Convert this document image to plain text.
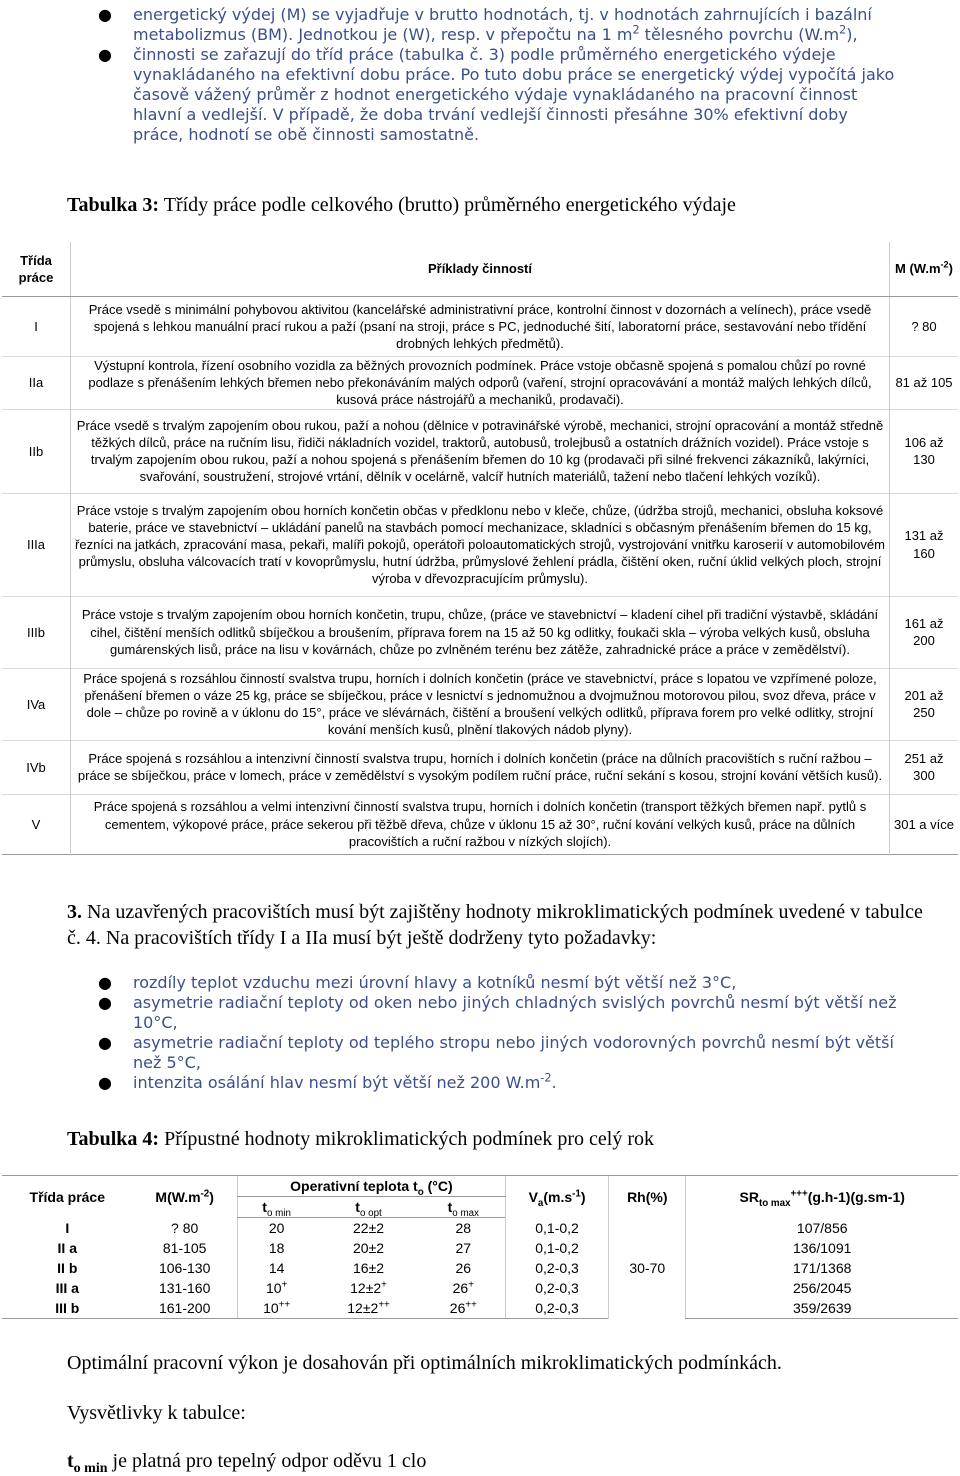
● energetický výdej (M) se vyjadřuje v brutto hodnotách, tj. v hodnotách zahrnujících i bazální metabolizmus (BM). Jednotkou je (W), resp. v přepočtu na 1 $m^2$ tělesného povrchu $(W.m^2)$,
● činnosti se zařazují do tříd práce (tabulka č. 3) podle průměrného energetického výdeje vynakládaného na efektivní dobu práce. Po tuto dobu práce se energetický výdej vypočítá jako časově vážený průměr z hodnot energetického výdaje vynakládaného na pracovní činnost hlavní a vedlejší. V případě, že doba trvání vedlejší činnosti přesáhne 30% efektivní doby práce, hodnotí se obě činnosti samostatně.
Tabulka 3: Třídy práce podle celkového (brutto) průměrného energetického výdaje
Třída práce	Příklady činností	M $(W.m^{-2})$
I	Práce vsedě s minimální pohybovou aktivitou (kancelářské administrativní práce, kontrolní činnost v dozornách a velínech), práce vsedě spojená s lehkou manuální prací rukou a paží (psaní na stroji, práce s PC, jednoduché šití, laboratorní práce, sestavování nebo třídění drobných lehkých předmětů).	? 80
IIa	Výstupní kontrola, řízení osobního vozidla za běžných provozních podmínek. Práce vstoje občasně spojená s pomalou chůzí po rovné podlaze s přenášením lehkých břemen nebo překonáváním malých odporů (vaření, strojní opracovávání a montáž malých lehkých dílců, kusová práce nástrojářů a mechaniků, prodavači).	81 až 105
IIb	Práce vsedě s trvalým zapojením obou rukou, paží a nohou (dělnice v potravinářské výrobě, mechanici, strojní opracování a montáž středně těžkých dílců, práce na ručním lisu, řidiči nákladních vozidel, traktorů, autobusů, trolejbusů a ostatních drážních vozidel). Práce vstoje s trvalým zapojením obou rukou, paží a nohou spojená s přenášením břemen do 10 kg (prodavači při silné frekvenci zákazníků, lakýrníci, svařování, soustružení, strojové vrtání, dělník v ocelárně, valcíř hutních materiálů, tažení nebo tlačení lehkých vozíků).	106 až 130
IIIa	Práce vstoje s trvalým zapojením obou horních končetin občas v předklonu nebo v kleče, chůze, (údržba strojů, mechanici, obsluha koksové baterie, práce ve stavebnictví – ukládání panelů na stavbách pomocí mechanizace, skladníci s občasným přenášením břemen do 15 kg, řezníci na jatkách, zpracování masa, pekaři, malíři pokojů, operátoři poloautomatických strojů, vystrojování vnitřku karoserií v automobilovém průmyslu, obsluha válcovacích tratí v kovoprůmyslu, hutní údržba, průmyslové žehlení prádla, čištění oken, ruční úklid velkých ploch, strojní výroba v dřevozpracujícím průmyslu).	131 až 160
IIIb	Práce vstoje s trvalým zapojením obou horních končetin, trupu, chůze, (práce ve stavebnictví – kladení cihel při tradiční výstavbě, skládání cihel, čištění menších odlitků sbíječkou a broušením, příprava forem na 15 až 50 kg odlitky, foukači skla – výroba velkých kusů, obsluha gumárenských lisů, práce na lisu v kovárnách, chůze po zvlněném terénu bez zátěže, zahradnické práce a práce v zemědělství).	161 až 200
IVa	Práce spojená s rozsáhlou činností svalstva trupu, horních i dolních končetin (práce ve stavebnictví, práce s lopatou ve vzpřímené poloze, přenášení břemen o váze 25 kg, práce se sbíječkou, práce v lesnictví s jednomužnou a dvojmužnou motorovou pilou, svoz dřeva, práce v dole – chůze po rovině a v úklonu do 15°, práce ve slévárnách, čištění a broušení velkých odlitků, příprava forem pro velké odlitky, strojní kování menších kusů, plnění tlakových nádob plyny).	201 až 250
IVb	Práce spojená s rozsáhlou a intenzivní činností svalstva trupu, horních i dolních končetin (práce na důlních pracovištích s ruční ražbou – práce se sbíječkou, práce v lomech, práce v zemědělství s vysokým podílem ruční práce, ruční sekání s kosou, strojní kování větších kusů).	251 až 300
V	Práce spojená s rozsáhlou a velmi intenzivní činností svalstva trupu, horních i dolních končetin (transport těžkých břemen např. pytlů s cementem, výkopové práce, práce sekerou při těžbě dřeva, chůze v úklonu 15 až 30°, ruční kování velkých kusů, práce na důlních pracovištích a ruční ražbou v nízkých slojích).	301 a více
3. Na uzavřených pracovištích musí být zajištěny hodnoty mikroklimatických podmínek uvedené v tabulce č. 4. Na pracovištích třídy I a IIa musí být ještě dodrženy tyto požadavky:
● rozdíly teplot vzduchu mezi úrovní hlavy a kotníků nesmí být větší než 3°C,
● asymetrie radiační teploty od oken nebo jiných chladných svislých povrchů nesmí být větší než 10°C,
● asymetrie radiační teploty od teplého stropu nebo jiných vodorovných povrchů nesmí být větší než 5°C,
● intenzita osálání hlav nesmí být větší než 200 $W.m^{-2}$.
Tabulka 4: Přípustné hodnoty mikroklimatických podmínek pro celý rok
Třída práce	$M(W.m^{-2})$	Operativní teplota $t_o$ (°C)			$V_a(m.s^{-1})$	Rh(%)	$SR_{to max}^{+++}(g.h-1)(g.sm-1)$
		$t_{o min}$	$t_{o opt}$	$t_{o max}$
I	? 80	20	22±2	28	0,1-0,2	30-70	107/856
II a	81-105	18	20±2	27	0,1-0,2		136/1091
II b	106-130	14	16±2	26	0,2-0,3		171/1368
III a	131-160	10+	12±2+	26+	0,2-0,3		256/2045
III b	161-200	10++	12±2++	26++	0,2-0,3		359/2639
Optimální pracovní výkon je dosahován při optimálních mikroklimatických podmínkách.
Vysvětlivky k tabulce:
$t_{o min}$ je platná pro tepelný odpor oděvu 1 clo
